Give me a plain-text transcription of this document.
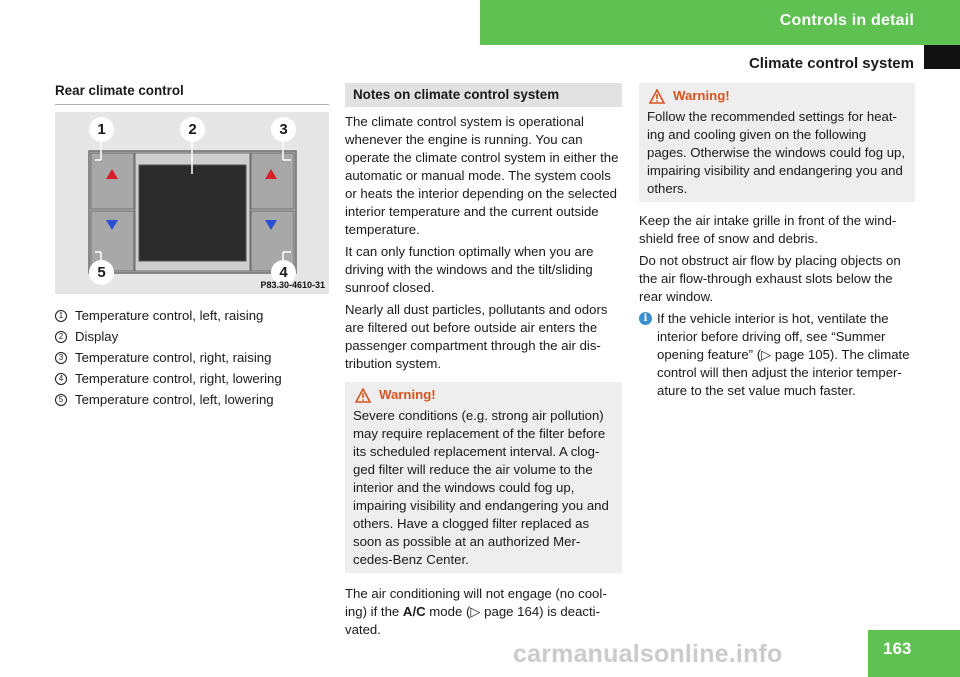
Controls in detail
Climate control system
Rear climate control
1	2	3
4
5
P83.30-4610-31
1 Temperature control, left, raising
2 Display
3 Temperature control, right, raising
4 Temperature control, right, lowering
5 Temperature control, left, lowering
Notes on climate control system

The climate control system is operational whenever the engine is running. You can operate the climate control system in either the automatic or manual mode. The system cools or heats the interior depending on the selected interior temperature and the current outside temperature.

It can only function optimally when you are driving with the windows and the tilt/sliding sunroof closed.

Nearly all dust particles, pollutants and odors are filtered out before outside air enters the passenger compartment through the air dis-tribution system.

Warning!

Severe conditions (e.g. strong air pollution) may require replacement of the filter before its scheduled replacement interval. A clog-ged filter will reduce the air volume to the interior and the windows could fog up, impairing visibility and endangering you and others. Have a clogged filter replaced as soon as possible at an authorized Mer-cedes-Benz Center.

The air conditioning will not engage (no cool-ing) if the A/C mode (▷ page 164) is deacti-vated.

Warning!

Follow the recommended settings for heat-ing and cooling given on the following pages. Otherwise the windows could fog up, impairing visibility and endangering you and others.

Keep the air intake grille in front of the wind-shield free of snow and debris.

Do not obstruct air flow by placing objects on the air flow-through exhaust slots below the rear window.

i If the vehicle interior is hot, ventilate the interior before driving off, see “Summer opening feature” (▷ page 105). The climate control will then adjust the interior temper-ature to the set value much faster.

163
carmanualsonline.info
